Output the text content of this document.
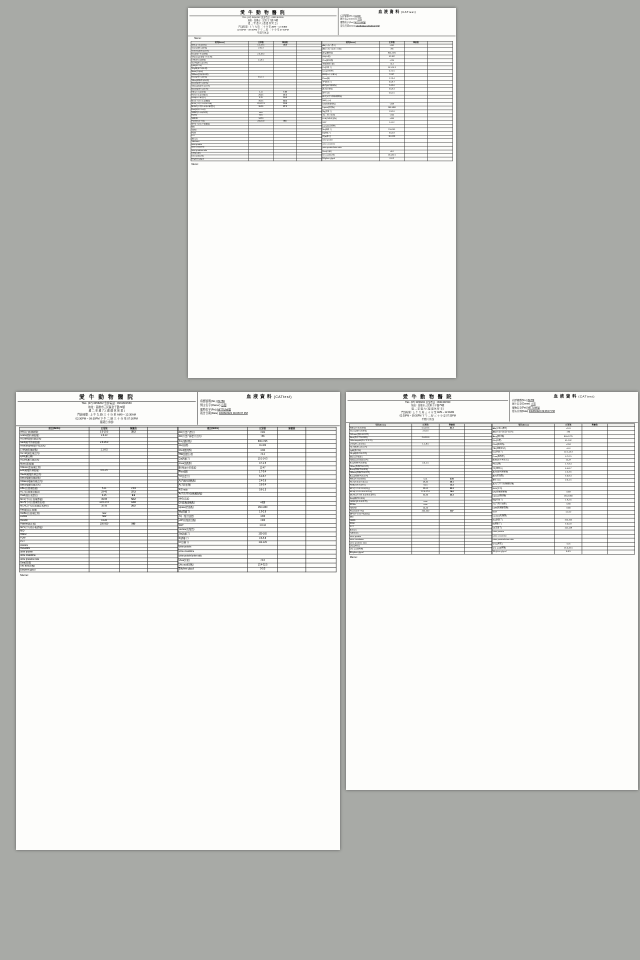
愛 牛 動 物 醫 院
TEL: (07) 3456202 急診電話 : 0931301530
地址 : 高雄市三民區金子路79號
週 二 至 週 六 ( 週 週 休 營 業 )
門診時間 : 上 午 九 時 三 十 分 至 AM9 ~ 12:30AM
02:30PM ~ 09:30PM 下 午 二 時 三 十 分 至 07:30PM
星期日 休診
血 液 資 料 (CATtest)
病歷號碼(No.) 81789
飼主名字(Owner) 小明
寵物名字(Pet) MITTUM/貓
報告日期(Date) 03/28/2022 09:08:37 PM
Memo:
項目(Items)	正常值	無量值	
WBC(白血球總數)	5.5-19.5	38.8	
Grans(顆粒球總數)	2.9-13		
%Grans(顆粒球比例)			
Neut(嗜中性球總數)	2.6-18.0		
%Neutrophil(嗜中性比例)			
LYM(淋巴球總數)	1.1-8.5		
%LYM(淋巴球比例)			
LyM(淋巴球)			
%LyM(淋巴球比例)			
Mono(單核球)			
%Mono(單核球比例)			
Eos(嗜酸性球總數)	0.6-1.5		
%Eos(嗜酸性球比例)			
Baso(嗜鹼性球總數)			
%Baso(嗜鹼性球比例)			
Baso(嗜鹼性球比例)			
RBC(紅血球總數)	5-11	7.39	
HCT(紅血球容積比)	29-45	37.3	
HGB(血紅素濃度)	9-15	10.2	
MCV(平均紅血球體積)	39-55	50.5	
MCH(平均紅血球血色素)	12.6-17.6	13.8	
MCHC(平均紅血球色素濃度)	30-36	27.3	
Reti(網狀紅血球)			
%RBC(紅血球比例)	new		
RDWa	new		
%RDW	14-20		
Platelet(血小板)	200-500	801	
MPV(平均血小板體積)			
MID			
%MID			
PDW			
PCT			
AGrans			
%AGrans			
urine protein			
urine creatinine			
urine proteine ratio			
Urea(尿素)			
Uric acid(尿酸)			
Ethylene glycol			
項目(Items)	正常值	無量值	
Alb(白蛋白濃度)	<101		
Alb(白蛋白球蛋白比值)	>86		
Amy(澱粉酶)	800-1725		
Glu(血糖)	41-102		
Chol(膽固醇)	<224		
TBil(總膽紅素)	<0.4		
Ca(鈣離子)	10.1-14.3		
Crea(肌酸酐)	0.7-2.5		
BUN(血中尿素氮)	12-47		
Phos(磷)	1.7-9.4		
TP(總蛋白)	6.0-8.7		
ALP(鹼性磷酸酶)	2.4-3.6		
ALT(肝指數)	3.6-9.4		
A/G ratio	0.6-1.5		
AsT(天門冬胺酸轉胺酶)			
NH3(氨氮)			
CK(肌酸激酸酶)	<459		
Lipase(脂肪酶)	160-1460		
Mg(鎂離子)	1.9-2.6		
Tri(三酸甘油脂)	<200		
LDH(乳酸脫氫酶)	<400		
GGT	1.0-12		
Lactate(乳酸鹽)			
Na(鈉離子)	150-165		
K(鉀離子)	3.6-5.8		
Cl(氯離子)	112-129		
urine protein			
urine creatinine			
urine protein/urine ratio			
Urea(尿素)	<0.6		
Uric acid(尿酸)	13.4-32.5		
Ethylene glycol	0-0.5		
Memo:
愛 牛 動 物 醫 院
TEL: (07) 3456202 急診電話 : 0931301530
地址 : 高雄市三民區金子路79號
週 二 至 週 六 ( 週 週 休 營 業 )
門診時間 : 上 午 九 時 三 十 分 至 AM9 ~ 12:30AM
02:30PM ~ 09:30PM 下 午 二 時 三 十 分 至 07:30PM
星期日 休診
血 液 資 料 (CATtest)
病歷號碼(No.) 81789
飼主名字(Owner) 小明
寵物名字(Pet) MITTUM/貓
報告日期(Date) 03/28/2022 09:08:37 PM
項目(Items)	正常值	無量值	
WBC(白血球總數)	5.5-19.5	35.3	
Grans(顆粒球總數)	2.9-13		
%Grans(顆粒球比例)			
Neut(嗜中性球總數)	2.6-18.0		
%Neutrophil(嗜中性比例)			
LYM(淋巴球總數)	1.1-8.5		
%LYM(淋巴球比例)			
LyM(淋巴球)			
%LyM(淋巴球比例)			
Mono(單核球)			
%Mono(單核球比例)			
Eos(嗜酸性球總數)	0.6-1.5		
%Eos(嗜酸性球比例)			
Baso(嗜鹼性球總數)			
%Baso(嗜鹼性球比例)			
Baso(嗜鹼性球比例)			
RBC(紅血球總數)	5-11	7.14	
HCT(紅血球容積比)	29-45	37.3	
HGB(血紅素濃度)	9-15	9.9	
MCV(平均紅血球體積)	39-55	52.2	
MCH(平均紅血球血色素)	12.6-17.6	13.9	
MCHC(平均紅血球色素濃度)	30-36	26.5	
Reti(網狀紅血球)			
%RBC(紅血球比例)	new		
RDWa	new		
%RDW	14-20		
Platelet(血小板)	200-500	595	
MPV(平均血小板體積)			
MID			
%MID			
PDW			
PCT			
AGrans			
%AGrans			
urine protein			
urine creatinine			
urine proteine ratio			
Urea(尿素)			
Uric acid(尿酸)			
Ethylene glycol			
項目(Items)	正常值	無量值	
Alb(白蛋白濃度)	<101		
Alb(白蛋白球蛋白比值)	>86		
Amy(澱粉酶)	800-1725		
Glu(血糖)	41-102		
Chol(膽固醇)	<224		
TBil(總膽紅素)	<0.4		
Ca(鈣離子)	10.1-14.3		
Crea(肌酸酐)	0.7-2.5		
BUN(血中尿素氮)	12-47		
Phos(磷)	1.7-9.4		
TP(總蛋白)	6.0-8.7		
ALP(鹼性磷酸酶)	2.4-3.6		
ALT(肝指數)	3.6-9.4		
A/G ratio	0.6-1.5		
AsT(天門冬胺酸轉胺酶)			
NH3(氨氮)			
CK(肌酸激酸酶)	<459		
Lipase(脂肪酶)	160-1460		
Mg(鎂離子)	1.9-2.6		
Tri(三酸甘油脂)	<200		
LDH(乳酸脫氫酶)	<400		
GGT	1.0-12		
Lactate(乳酸鹽)			
Na(鈉離子)	150-165		
K(鉀離子)	3.6-5.8		
Cl(氯離子)	112-129		
urine protein			
urine creatinine			
urine protein/urine ratio			
Urea(尿素)	<0.6		
Uric acid(尿酸)	13.4-32.5		
Ethylene glycol	0-0.5		
Memo:
愛 牛 動 物 醫 院
TEL: (07) 3456202 急診電話 : 0931301530
地址 : 高雄市三民區金子路79號
週 二 至 週 六 ( 週 週 休 營 業 )
門診時間 : 上 午 九 時 三 十 分 至 AM9 ~ 12:30AM
02:30PM ~ 09:30PM 下 午 二 時 三 十 分 至 07:30PM
星期日 休診
血 液 資 料 (CATtest)
病歷號碼(No.) 81789
飼主名字(Owner) 小明
寵物名字(Pet) MITTUM/貓
報告日期(Date) 03/28/2022 09:08:37 PM
項目(Items)	正常值	無量值	
WBC(白血球總數)	5.5-19.5	42.3	
Grans(顆粒球總數)	2.9-13		
%Grans(顆粒球比例)			
Neut(嗜中性球總數)	2.6-18.0		
%Neutrophil(嗜中性比例)			
LYM(淋巴球總數)	1.1-8.5		
%LYM(淋巴球比例)			
LyM(淋巴球)			
%LyM(淋巴球比例)			
Mono(單核球)			
%Mono(單核球比例)			
Eos(嗜酸性球總數)	0.6-1.5		
%Eos(嗜酸性球比例)			
Baso(嗜鹼性球總數)			
%Baso(嗜鹼性球比例)			
Baso(嗜鹼性球比例)			
RBC(紅血球總數)	5-11	6.89	
HCT(紅血球容積比)	29-45	38.1	
HGB(血紅素濃度)	9-15	10.2	
MCV(平均紅血球體積)	39-55	55.2	
MCH(平均紅血球血色素)	12.6-17.6	14.6	
MCHC(平均紅血球色素濃度)	30-36	26.2	
Reti(網狀紅血球)			
%RBC(紅血球比例)	new		
RDWa	new		
%RDW	14-20		
Platelet(血小板)	200-500	547	
MPV(平均血小板體積)			
MID			
%MID			
PDW			
PCT			
AGrans			
%AGrans			
urine protein			
urine creatinine			
urine proteine ratio			
Urea(尿素)			
Uric acid(尿酸)			
Ethylene glycol			
項目(Items)	正常值	無量值	
Alb(白蛋白濃度)	<101		
Alb(白蛋白球蛋白比值)	>86		
Amy(澱粉酶)	800-1725		
Glu(血糖)	41-102		
Chol(膽固醇)	<224		
TBil(總膽紅素)	<0.4		
Ca(鈣離子)	10.1-14.3		
Crea(肌酸酐)	0.7-2.5		
BUN(血中尿素氮)	12-47		
Phos(磷)	1.7-9.4		
TP(總蛋白)	6.0-8.7		
ALP(鹼性磷酸酶)	2.4-3.6		
ALT(肝指數)	3.6-9.4		
A/G ratio	0.6-1.5		
AsT(天門冬胺酸轉胺酶)			
NH3(氨氮)			
CK(肌酸激酸酶)	<459		
Lipase(脂肪酶)	160-1460		
Mg(鎂離子)	1.9-2.6		
Tri(三酸甘油脂)	<200		
LDH(乳酸脫氫酶)	<400		
GGT	1.0-12		
Lactate(乳酸鹽)			
Na(鈉離子)	150-165		
K(鉀離子)	3.6-5.8		
Cl(氯離子)	112-129		
urine protein			
urine creatinine			
urine protein/urine ratio			
Urea(尿素)	<0.6		
Uric acid(尿酸)	13.4-32.5		
Ethylene glycol	0-0.5		
Memo:
